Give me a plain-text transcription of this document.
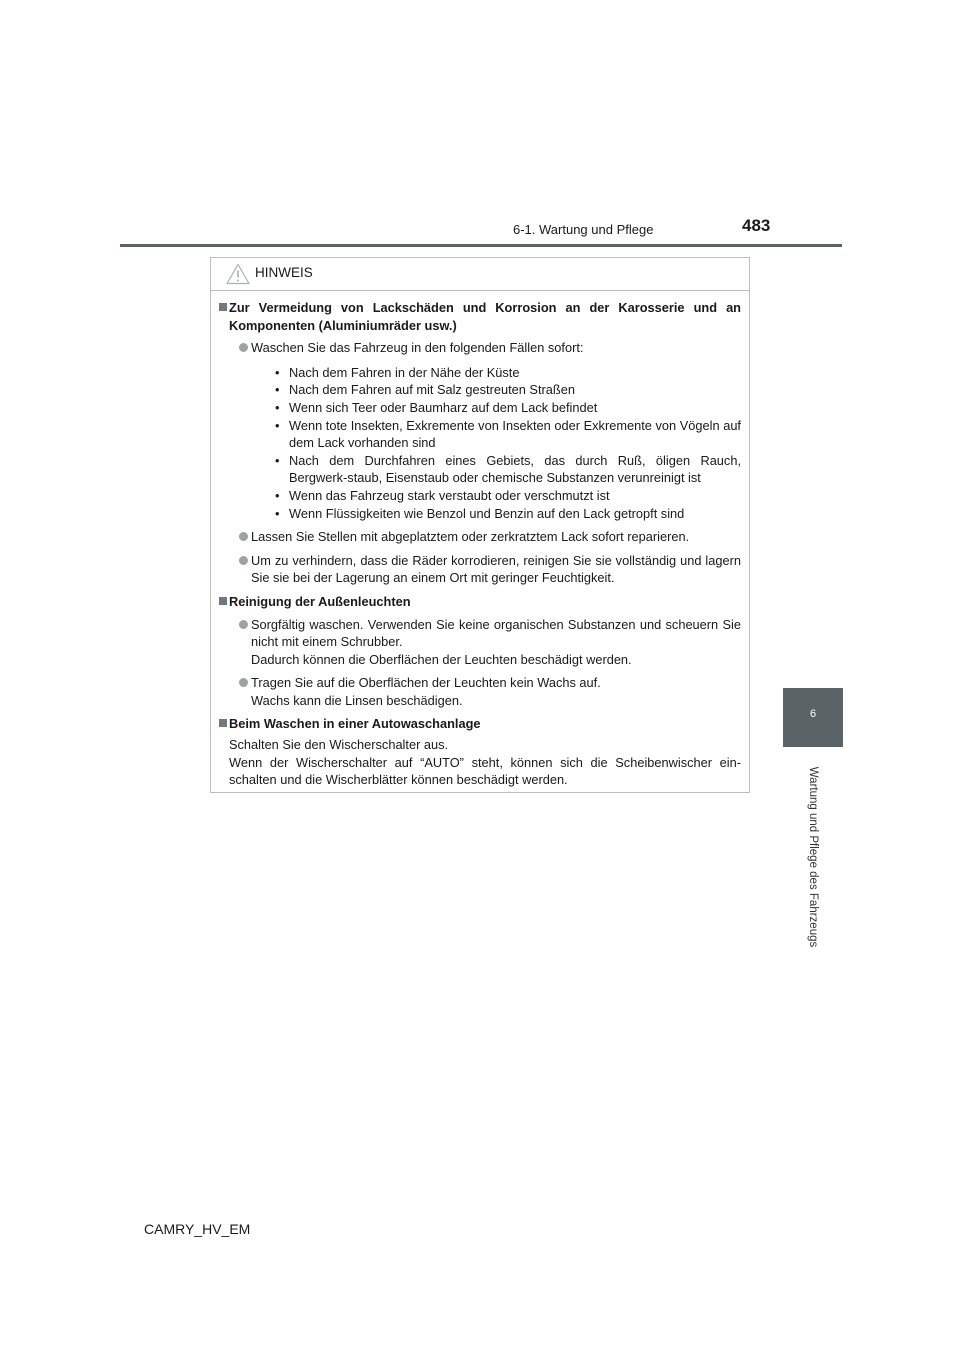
6-1. Wartung und Pflege	483
6
Wartung und Pflege des Fahrzeugs
HINWEIS
Zur Vermeidung von Lackschäden und Korrosion an der Karosserie und an Komponenten (Aluminiumräder usw.)
Waschen Sie das Fahrzeug in den folgenden Fällen sofort:
• Nach dem Fahren in der Nähe der Küste
• Nach dem Fahren auf mit Salz gestreuten Straßen
• Wenn sich Teer oder Baumharz auf dem Lack befindet
• Wenn tote Insekten, Exkremente von Insekten oder Exkremente von Vögeln auf dem Lack vorhanden sind
• Nach dem Durchfahren eines Gebiets, das durch Ruß, öligen Rauch, Bergwerk-staub, Eisenstaub oder chemische Substanzen verunreinigt ist
• Wenn das Fahrzeug stark verstaubt oder verschmutzt ist
• Wenn Flüssigkeiten wie Benzol und Benzin auf den Lack getropft sind
Lassen Sie Stellen mit abgeplatztem oder zerkratztem Lack sofort reparieren.
Um zu verhindern, dass die Räder korrodieren, reinigen Sie sie vollständig und lagern Sie sie bei der Lagerung an einem Ort mit geringer Feuchtigkeit.
Reinigung der Außenleuchten
Sorgfältig waschen. Verwenden Sie keine organischen Substanzen und scheuern Sie nicht mit einem Schrubber.
Dadurch können die Oberflächen der Leuchten beschädigt werden.
Tragen Sie auf die Oberflächen der Leuchten kein Wachs auf.
Wachs kann die Linsen beschädigen.
Beim Waschen in einer Autowaschanlage
Schalten Sie den Wischerschalter aus.
Wenn der Wischerschalter auf “AUTO” steht, können sich die Scheibenwischer ein-schalten und die Wischerblätter können beschädigt werden.
CAMRY_HV_EM
